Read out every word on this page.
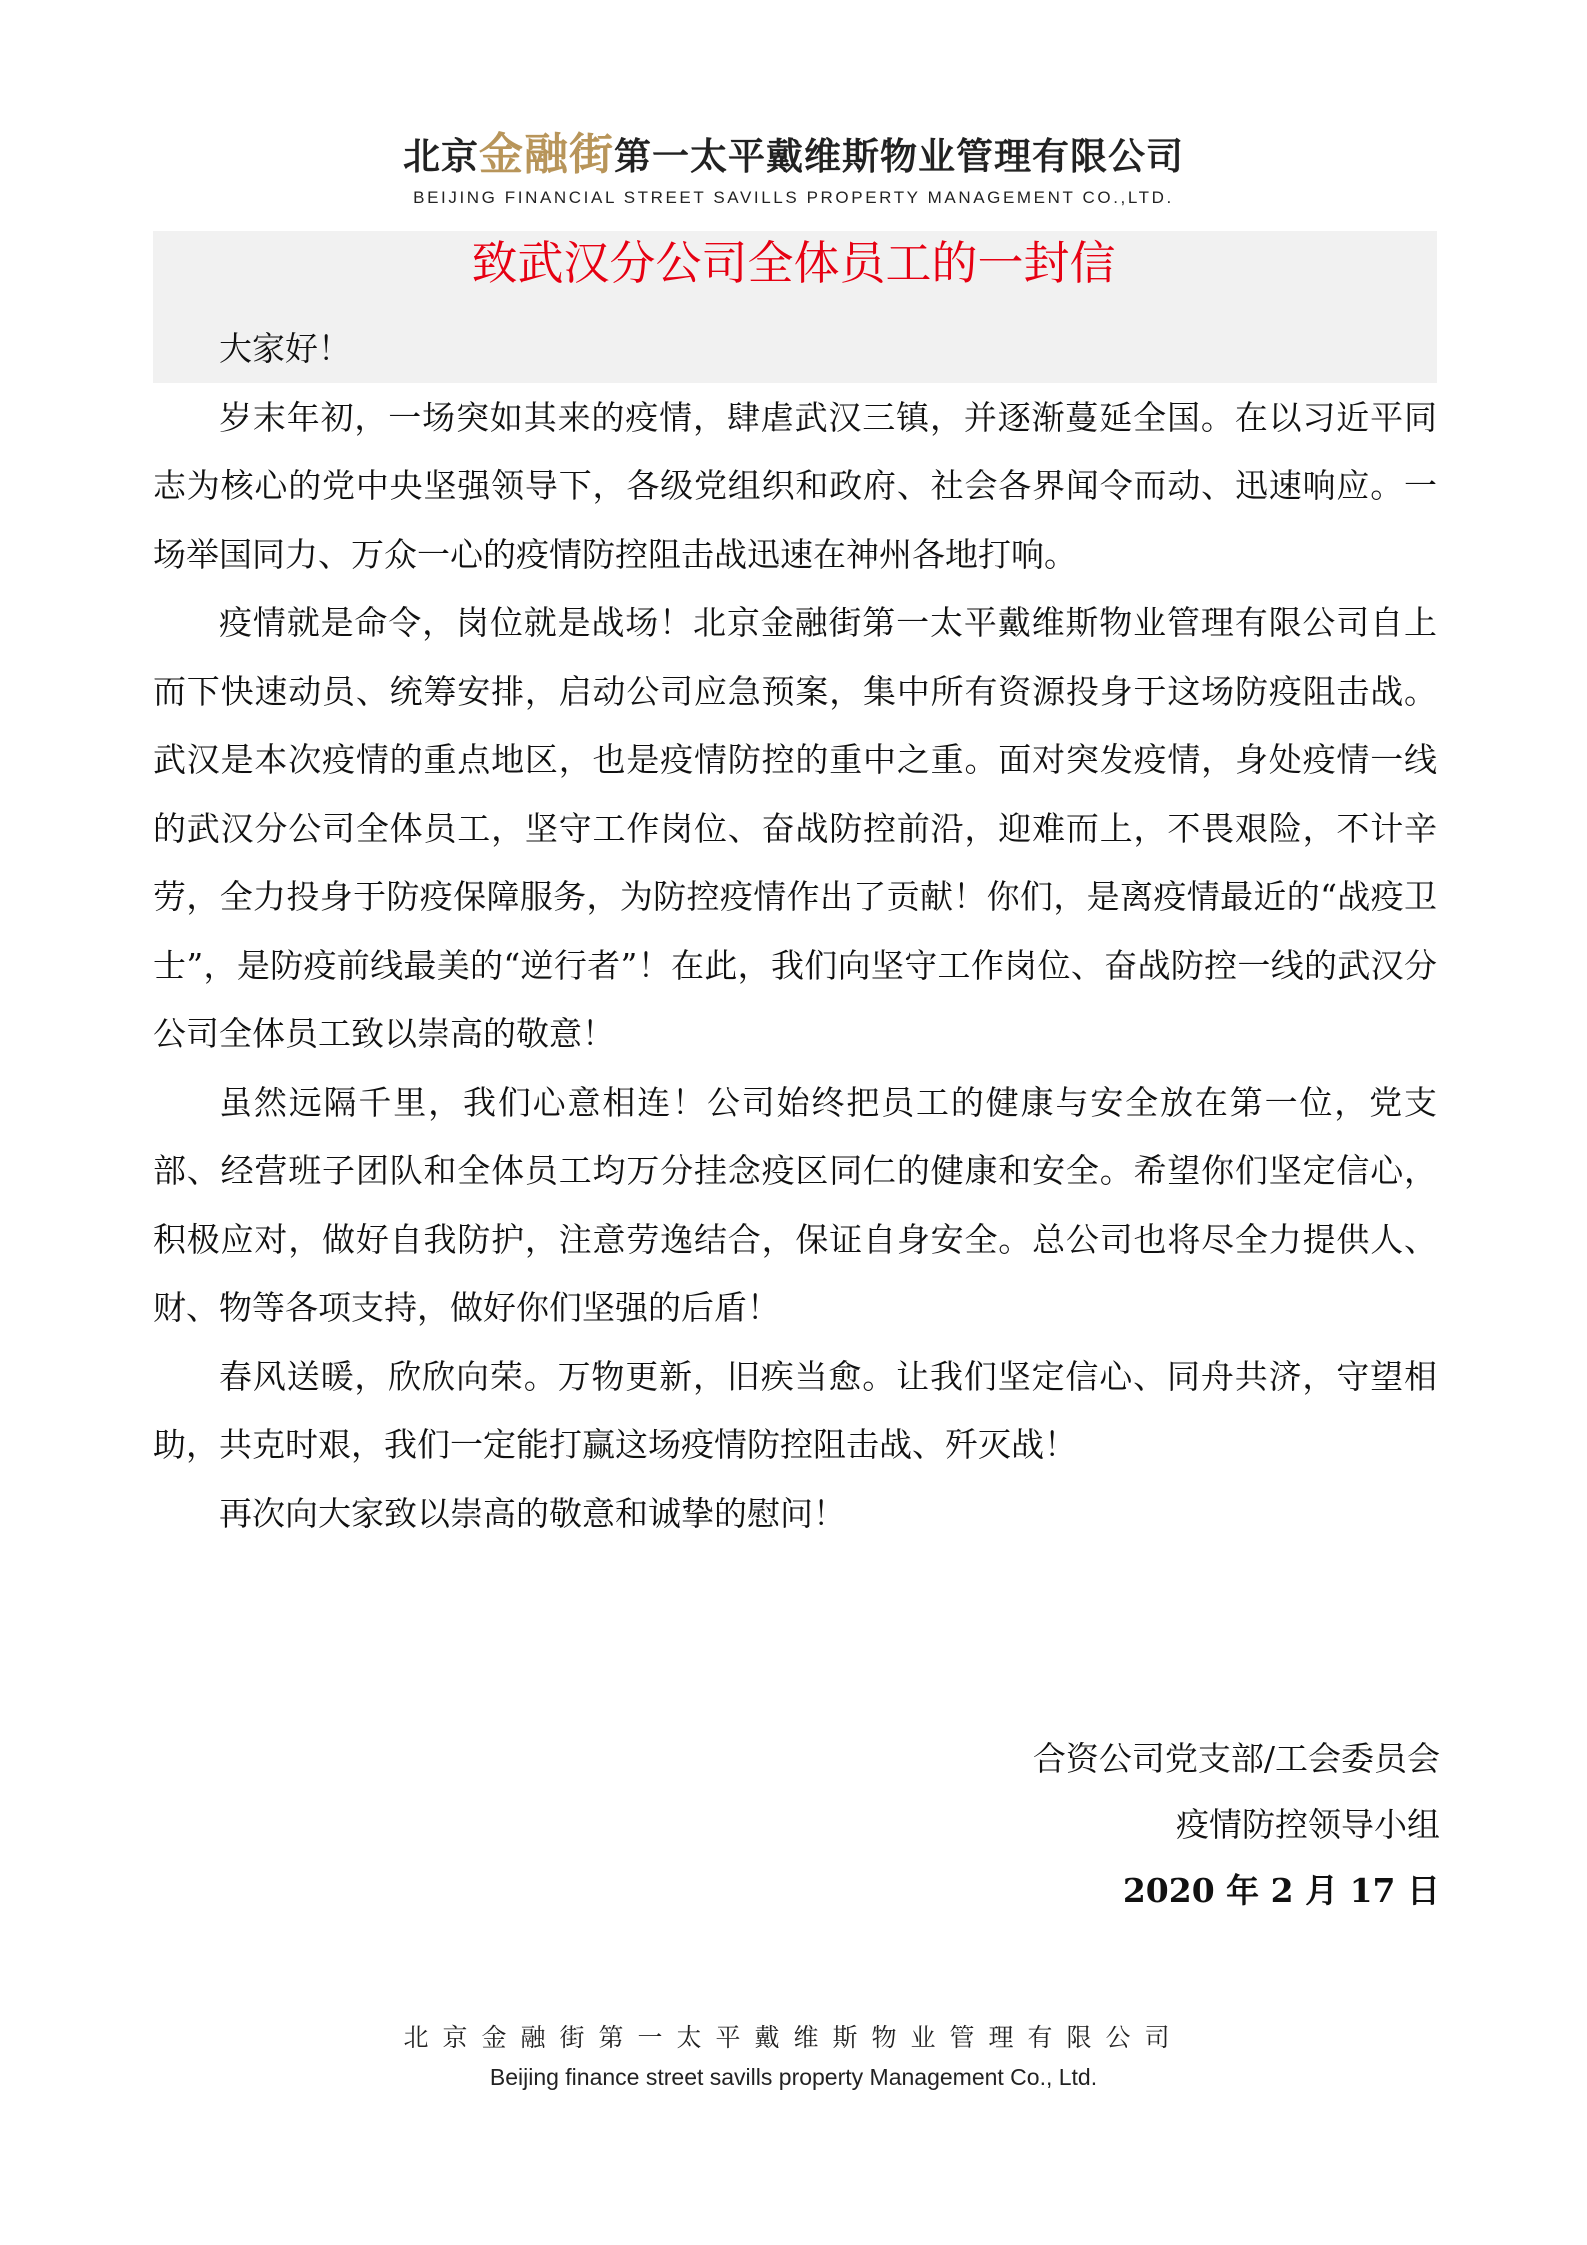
北京金融街第一太平戴维斯物业管理有限公司
BEIJING FINANCIAL STREET SAVILLS PROPERTY MANAGEMENT CO.,LTD.
致武汉分公司全体员工的一封信

大家好！

岁末年初，一场突如其来的疫情，肆虐武汉三镇，并逐渐蔓延全国。在以习近平同志为核心的党中央坚强领导下，各级党组织和政府、社会各界闻令而动、迅速响应。一场举国同力、万众一心的疫情防控阻击战迅速在神州各地打响。

疫情就是命令，岗位就是战场！北京金融街第一太平戴维斯物业管理有限公司自上而下快速动员、统筹安排，启动公司应急预案，集中所有资源投身于这场防疫阻击战。武汉是本次疫情的重点地区，也是疫情防控的重中之重。面对突发疫情，身处疫情一线的武汉分公司全体员工，坚守工作岗位、奋战防控前沿，迎难而上，不畏艰险，不计辛劳，全力投身于防疫保障服务，为防控疫情作出了贡献！你们，是离疫情最近的“战疫卫士”，是防疫前线最美的“逆行者”！在此，我们向坚守工作岗位、奋战防控一线的武汉分公司全体员工致以崇高的敬意！

虽然远隔千里，我们心意相连！公司始终把员工的健康与安全放在第一位，党支部、经营班子团队和全体员工均万分挂念疫区同仁的健康和安全。希望你们坚定信心，积极应对，做好自我防护，注意劳逸结合，保证自身安全。总公司也将尽全力提供人、财、物等各项支持，做好你们坚强的后盾！

春风送暖，欣欣向荣。万物更新，旧疾当愈。让我们坚定信心、同舟共济，守望相助，共克时艰，我们一定能打赢这场疫情防控阻击战、歼灭战！

再次向大家致以崇高的敬意和诚挚的慰问！

合资公司党支部/工会委员会
疫情防控领导小组
2020 年 2 月 17 日
北京金融街第一太平戴维斯物业管理有限公司
Beijing finance street savills property Management Co., Ltd.
